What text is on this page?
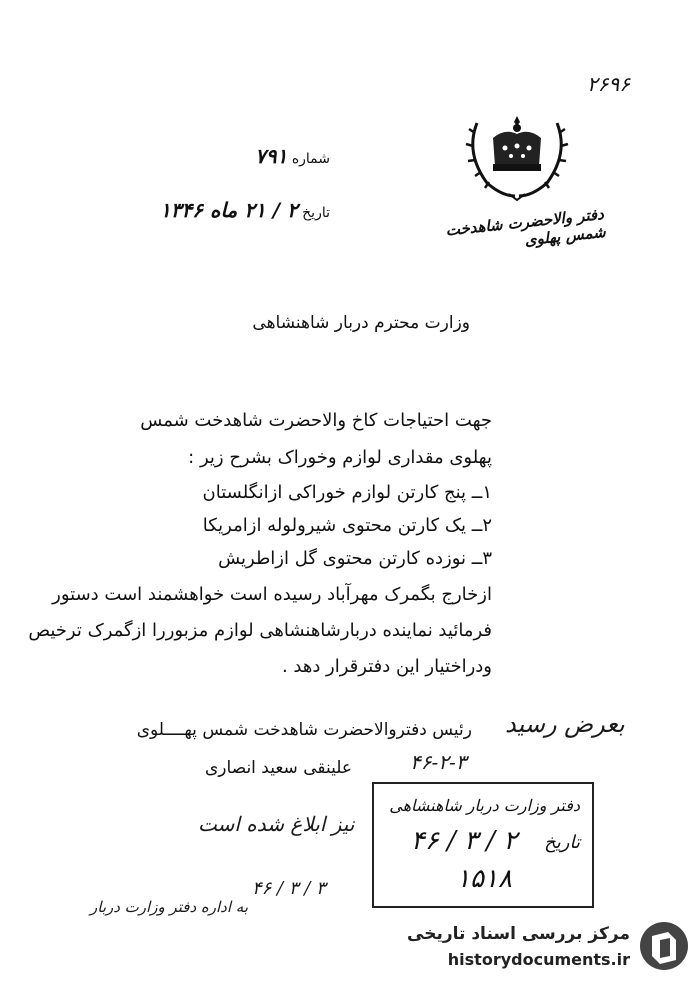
۲۶۹۶
دفتر والاحضرت شاهدخت شمس پهلوی
شماره ۷۹۱
تاریخ ۲ / ۲۱ ماه ۱۳۴۶
وزارت محترم دربار شاهنشاهی
جهت احتیاجات کاخ والاحضرت شاهدخت شمس
پهلوی مقداری لوازم وخوراک بشرح زیر :
۱ــ پنج کارتن لوازم خوراکی ازانگلستان
۲ــ یک کارتن محتوی شیرولوله ازامریکا
۳ــ نوزده کارتن محتوی گل ازاطریش
ازخارج بگمرک مهرآباد رسیده است خواهشمند است دستور
فرمائید نماینده دربارشاهنشاهی لوازم مزبوررا ازگمرک ترخیص
ودراختیار این دفترقرار دهد .
رئیس دفتروالاحضرت شاهدخت شمس پهــــلوی
علینقی سعید انصاری
بعرض رسید
۴۶-۲-۳
دفتر وزارت دربار شاهنشاهی
تاریخ
۴۶ / ۳ / ۲
۱۵۱۸
نیز ابلاغ شده است
۴۶ / ۳ / ۳
به اداره دفتر وزارت دربار
مرکز بررسی اسناد تاریخی
historydocuments.ir
